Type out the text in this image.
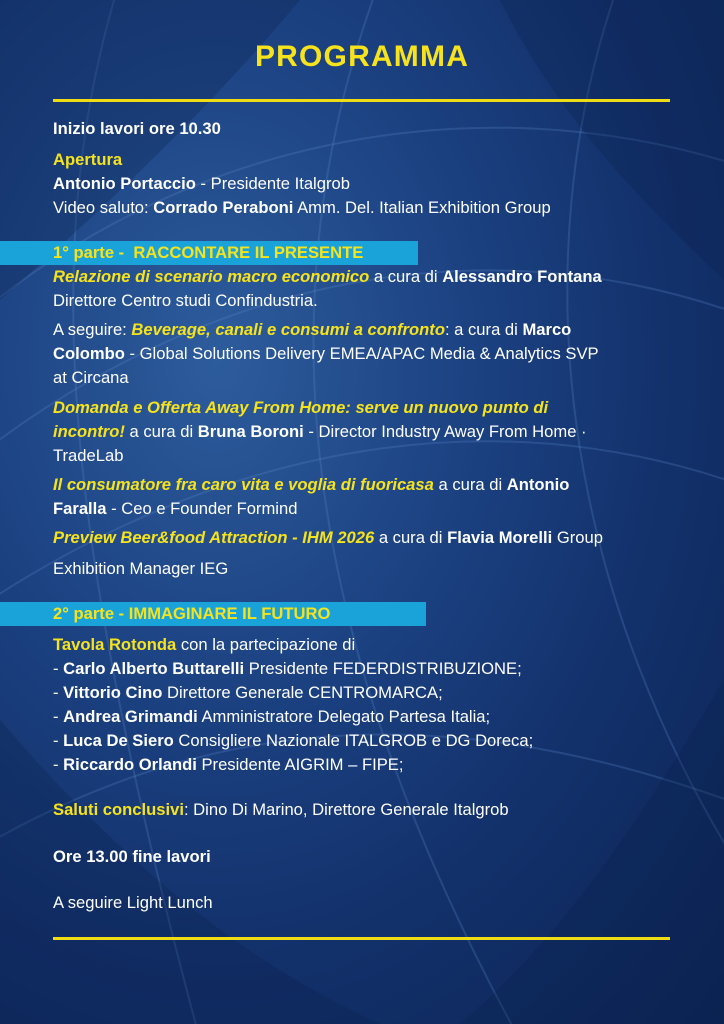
PROGRAMMA
Inizio lavori ore 10.30
Apertura
Antonio Portaccio - Presidente Italgrob
Video saluto: Corrado Peraboni Amm. Del. Italian Exhibition Group
1° parte -  RACCONTARE IL PRESENTE
Relazione di scenario macro economico a cura di Alessandro Fontana
Direttore Centro studi Confindustria.
A seguire: Beverage, canali e consumi a confronto: a cura di Marco
Colombo - Global Solutions Delivery EMEA/APAC Media & Analytics SVP
at Circana
Domanda e Offerta Away From Home: serve un nuovo punto di
incontro! a cura di Bruna Boroni - Director Industry Away From Home ·
TradeLab
Il consumatore fra caro vita e voglia di fuoricasa a cura di Antonio
Faralla - Ceo e Founder Formind
Preview Beer&food Attraction - IHM 2026 a cura di Flavia Morelli Group
Exhibition Manager IEG
2° parte - IMMAGINARE IL FUTURO
Tavola Rotonda con la partecipazione di
- Carlo Alberto Buttarelli Presidente FEDERDISTRIBUZIONE;
- Vittorio Cino Direttore Generale CENTROMARCA;
- Andrea Grimandi Amministratore Delegato Partesa Italia;
- Luca De Siero Consigliere Nazionale ITALGROB e DG Doreca;
- Riccardo Orlandi Presidente AIGRIM – FIPE;
Saluti conclusivi: Dino Di Marino, Direttore Generale Italgrob
Ore 13.00 fine lavori
A seguire Light Lunch
